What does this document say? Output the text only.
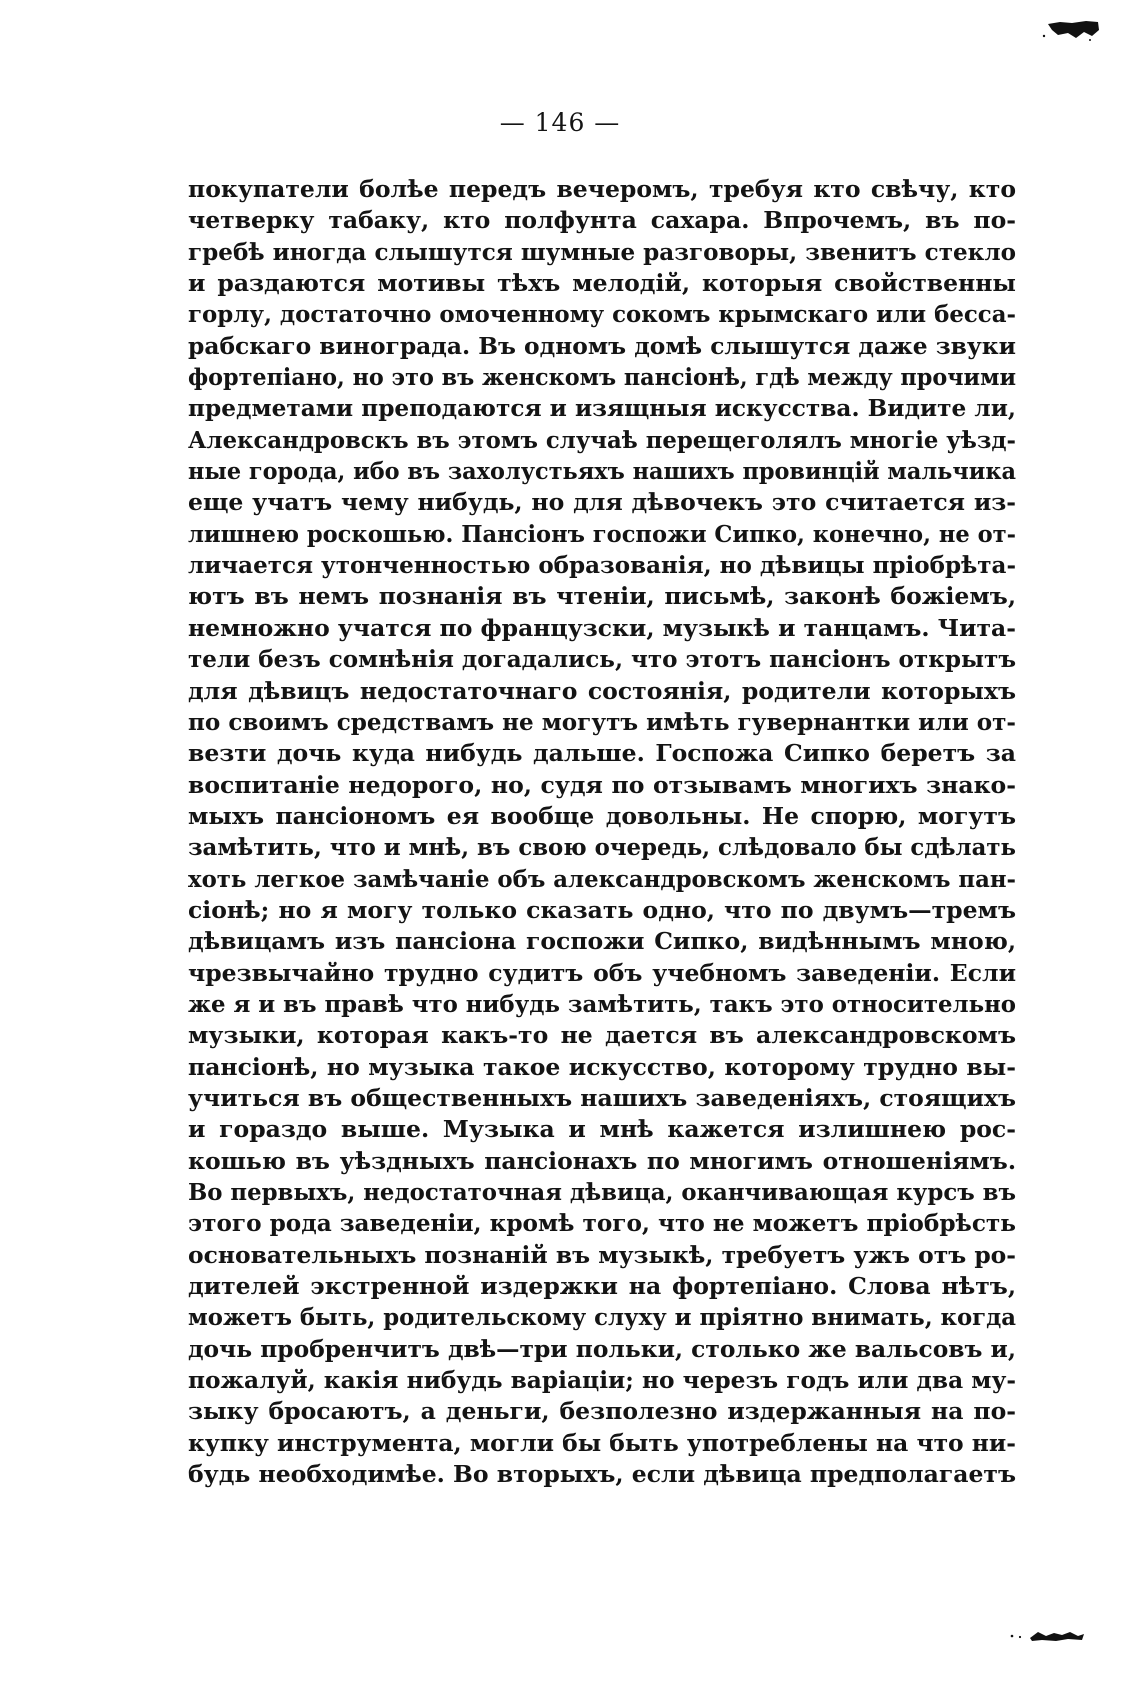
— 146 —
покупатели болѣе передъ вечеромъ, требуя кто свѣчу, кто
четверку табаку, кто полфунта сахара. Впрочемъ, въ по-
гребѣ иногда слышутся шумные разговоры, звенитъ стекло
и раздаются мотивы тѣхъ мелодій, которыя свойственны
горлу, достаточно омоченному сокомъ крымскаго или бесса-
рабскаго винограда. Въ одномъ домѣ слышутся даже звуки
фортепіано, но это въ женскомъ пансіонѣ, гдѣ между прочими
предметами преподаются и изящныя искусства. Видите ли,
Александровскъ въ этомъ случаѣ перещеголялъ многіе уѣзд-
ные города, ибо въ захолустьяхъ нашихъ провинцій мальчика
еще учатъ чему нибудь, но для дѣвочекъ это считается из-
лишнею роскошью. Пансіонъ госпожи Сипко, конечно, не от-
личается утонченностью образованія, но дѣвицы пріобрѣта-
ютъ въ немъ познанія въ чтеніи, письмѣ, законѣ божіемъ,
немножно учатся по французски, музыкѣ и танцамъ. Чита-
тели безъ сомнѣнія догадались, что этотъ пансіонъ открытъ
для дѣвицъ недостаточнаго состоянія, родители которыхъ
по своимъ средствамъ не могутъ имѣть гувернантки или от-
везти дочь куда нибудь дальше. Госпожа Сипко беретъ за
воспитаніе недорого, но, судя по отзывамъ многихъ знако-
мыхъ пансіономъ ея вообще довольны. Не спорю, могутъ
замѣтить, что и мнѣ, въ свою очередь, слѣдовало бы сдѣлать
хоть легкое замѣчаніе объ александровскомъ женскомъ пан-
сіонѣ; но я могу только сказать одно, что по двумъ—тремъ
дѣвицамъ изъ пансіона госпожи Сипко, видѣннымъ мною,
чрезвычайно трудно судитъ объ учебномъ заведеніи. Если
же я и въ правѣ что нибудь замѣтить, такъ это относительно
музыки, которая какъ-то не дается въ александровскомъ
пансіонѣ, но музыка такое искусство, которому трудно вы-
учиться въ общественныхъ нашихъ заведеніяхъ, стоящихъ
и гораздо выше. Музыка и мнѣ кажется излишнею рос-
кошью въ уѣздныхъ пансіонахъ по многимъ отношеніямъ.
Во первыхъ, недостаточная дѣвица, оканчивающая курсъ въ
этого рода заведеніи, кромѣ того, что не можетъ пріобрѣсть
основательныхъ познаній въ музыкѣ, требуетъ ужъ отъ ро-
дителей экстренной издержки на фортепіано. Слова нѣтъ,
можетъ быть, родительскому слуху и пріятно внимать, когда
дочь пробренчитъ двѣ—три польки, столько же вальсовъ и,
пожалуй, какія нибудь варіаціи; но черезъ годъ или два му-
зыку бросаютъ, а деньги, безполезно издержанныя на по-
купку инструмента, могли бы быть употреблены на что ни-
будь необходимѣе. Во вторыхъ, если дѣвица предполагаетъ
